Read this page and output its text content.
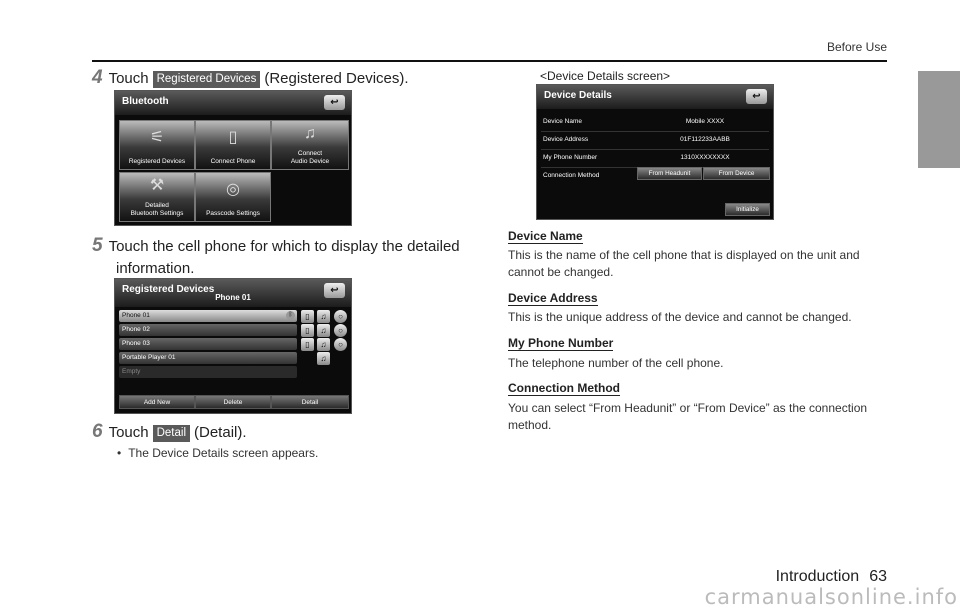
Before Use
4 Touch Registered Devices (Registered Devices).
Bluetooth	↩
⚟
Registered Devices
▯
Connect Phone
♫
Connect
Audio Device
⚒
Detailed
Bluetooth Settings
◎
Passcode Settings
5 Touch the cell phone for which to display the detailed
information.
Registered Devices
Phone 01
↩
Phone 01	ᛒ
Phone 02
Phone 03
Portable Player 01
Empty
▯	♫	○
▯	♫	○
▯	♫	○
♫
Add New	Delete	Detail
6 Touch Detail (Detail).
• The Device Details screen appears.
<Device Details screen>
Device Details	↩
Device Name	Mobile XXXX
Device Address	01F112233AABB
My Phone Number	1310XXXXXXXX
Connection Method	From Headunit	From Device
Initialize
Device Name
This is the name of the cell phone that is displayed on the unit and cannot be changed.
Device Address
This is the unique address of the device and cannot be changed.
My Phone Number
The telephone number of the cell phone.
Connection Method
You can select “From Headunit” or “From Device” as the connection method.
Introduction 63
carmanualsonline.info
